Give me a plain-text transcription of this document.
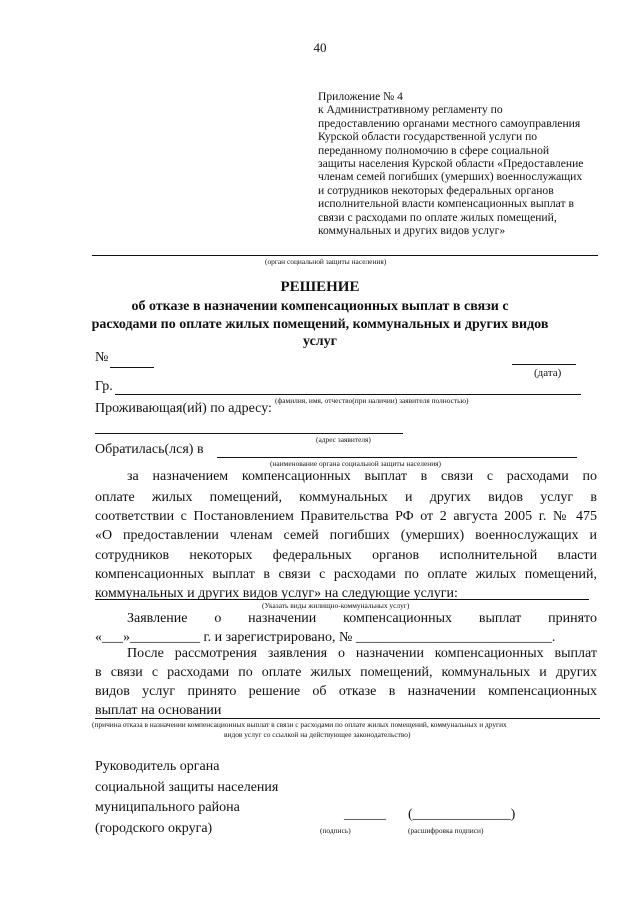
40
Приложение № 4
к Административному регламенту по
предоставлению органами местного самоуправления
Курской области государственной услуги по
переданному полномочию в сфере социальной
защиты населения Курской области «Предоставление
членам семей погибших (умерших) военнослужащих
и сотрудников некоторых федеральных органов
исполнительной власти компенсационных выплат в
связи с расходами по оплате жилых помещений,
коммунальных и других видов услуг»
(орган социальной защиты населения)
РЕШЕНИЕ
об отказе в назначении компенсационных выплат в связи с
расходами по оплате жилых помещений, коммунальных и других видов
услуг
№
(дата)
Гр.
(фамилия, имя, отчество(при наличии) заявителя полностью)
Проживающая(ий) по адресу:
(адрес заявителя)
Обратилась(лся) в
(наименование органа социальной защиты населения)
за назначением компенсационных выплат в связи с расходами по
оплате жилых помещений, коммунальных и других видов услуг в
соответствии с Постановлением Правительства РФ от 2 августа 2005 г. № 475
«О предоставлении членам семей погибших (умерших) военнослужащих и
сотрудников некоторых федеральных органов исполнительной власти
компенсационных выплат в связи с расходами по оплате жилых помещений,
коммунальных и других видов услуг» на следующие услуги:
(Указать виды жилищно-коммунальных услуг)
Заявление о назначении компенсационных выплат принято
«___»__________ г. и зарегистрировано, № ____________________________.
После рассмотрения заявления о назначении компенсационных выплат
в связи с расходами по оплате жилых помещений, коммунальных и других
видов услуг принято решение об отказе в назначении компенсационных
выплат на основании
(причина отказа в назначении компенсационных выплат в связи с расходами по оплате жилых помещений, коммунальных и других
видов услуг со ссылкой на действующее законодательство)
Руководитель органа
социальной защиты населения
муниципального района
(городского округа)
______ (______________)
(подпись)	(расшифровка подписи)
